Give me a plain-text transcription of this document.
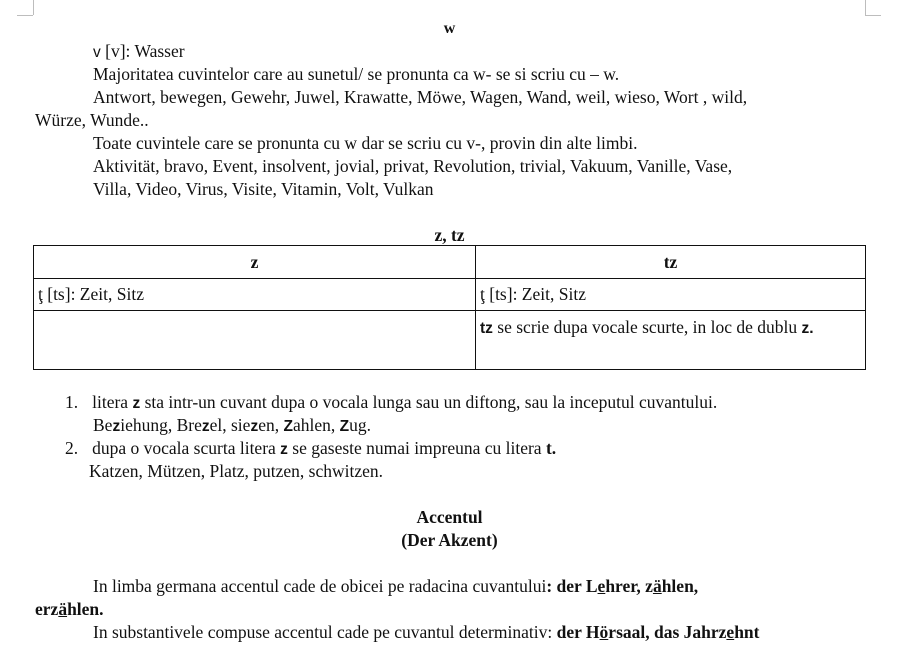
w
v [v]: Wasser
Majoritatea cuvintelor care au sunetul/ se pronunta ca w- se si scriu cu – w.
Antwort, bewegen, Gewehr, Juwel, Krawatte, Möwe, Wagen, Wand, weil, wieso, Wort , wild,
Würze, Wunde..
Toate cuvintele care se pronunta cu w dar se scriu cu v-, provin din alte limbi.
Aktivität, bravo, Event, insolvent, jovial, privat, Revolution, trivial, Vakuum, Vanille, Vase,
Villa, Video, Virus, Visite, Vitamin, Volt, Vulkan
z, tz
z	tz
ţ [ts]: Zeit, Sitz	ţ [ts]: Zeit, Sitz
	tz se scrie dupa vocale scurte, in loc de dublu z.
1. litera z sta intr-un cuvant dupa o vocala lunga sau un diftong, sau la inceputul cuvantului.
Beziehung, Brezel, siezen, Zahlen, Zug.
2. dupa o vocala scurta litera z se gaseste numai impreuna cu litera t.
Katzen, Mützen, Platz, putzen, schwitzen.
Accentul
(Der Akzent)
In limba germana accentul cade de obicei pe radacina cuvantului: der Lehrer, zählen,
erzählen.
In substantivele compuse accentul cade pe cuvantul determinativ: der Hörsaal, das Jahrzehnt
